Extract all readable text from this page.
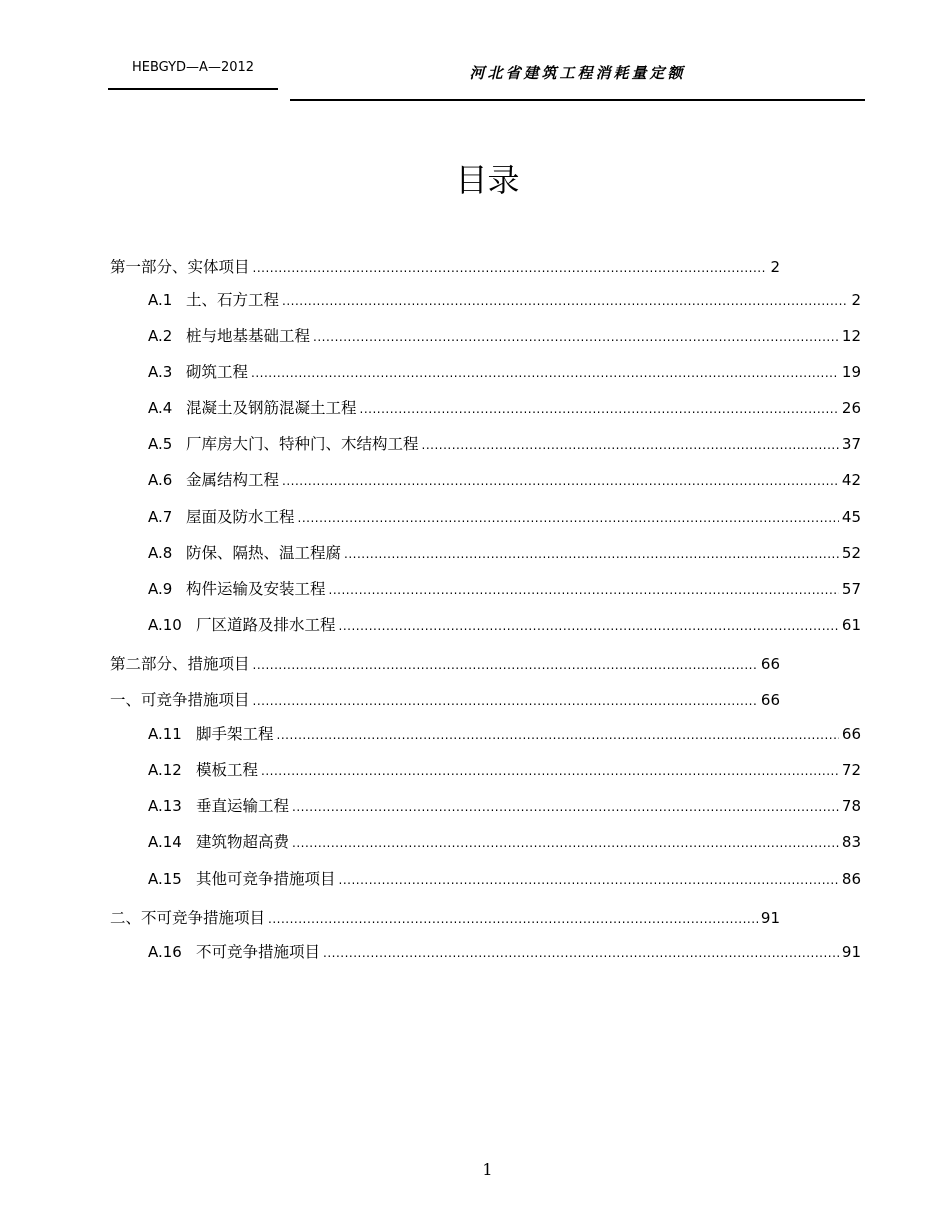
HEBGYD—A—2012	河北省建筑工程消耗量定额
目录
第一部分、实体项目 .....	2
A.1 土、石方工程 .....	2
A.2 桩与地基基础工程 .....	12
A.3 砌筑工程 .....	19
A.4 混凝土及钢筋混凝土工程 .....	26
A.5 厂库房大门、特种门、木结构工程 .....	37
A.6 金属结构工程 .....	42
A.7 屋面及防水工程 .....	45
A.8 防保、隔热、温工程腐 .....	52
A.9 构件运输及安装工程 .....	57
A.10 厂区道路及排水工程 .....	61
第二部分、措施项目 .....	66
一、可竞争措施项目 .....	66
A.11 脚手架工程 .....	66
A.12 模板工程 .....	72
A.13 垂直运输工程 .....	78
A.14 建筑物超高费 .....	83
A.15 其他可竞争措施项目 .....	86
二、不可竞争措施项目 .....	91
A.16 不可竞争措施项目 .....	91
1
